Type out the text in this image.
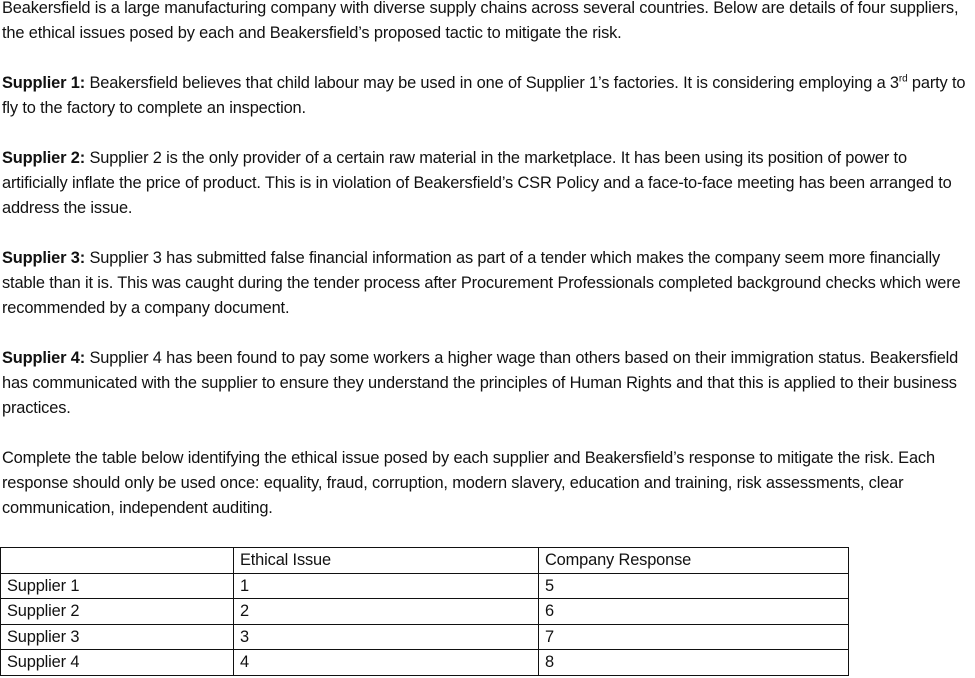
Beakersfield is a large manufacturing company with diverse supply chains across several countries. Below are details of four suppliers, the ethical issues posed by each and Beakersfield’s proposed tactic to mitigate the risk.

Supplier 1: Beakersfield believes that child labour may be used in one of Supplier 1’s factories. It is considering employing a 3rd party to fly to the factory to complete an inspection.

Supplier 2: Supplier 2 is the only provider of a certain raw material in the marketplace. It has been using its position of power to artificially inflate the price of product. This is in violation of Beakersfield’s CSR Policy and a face-to-face meeting has been arranged to address the issue.

Supplier 3: Supplier 3 has submitted false financial information as part of a tender which makes the company seem more financially stable than it is. This was caught during the tender process after Procurement Professionals completed background checks which were recommended by a company document.

Supplier 4: Supplier 4 has been found to pay some workers a higher wage than others based on their immigration status. Beakersfield has communicated with the supplier to ensure they understand the principles of Human Rights and that this is applied to their business practices.

Complete the table below identifying the ethical issue posed by each supplier and Beakersfield’s response to mitigate the risk. Each response should only be used once: equality, fraud, corruption, modern slavery, education and training, risk assessments, clear communication, independent auditing.

	Ethical Issue	Company Response
Supplier 1	1	5
Supplier 2	2	6
Supplier 3	3	7
Supplier 4	4	8
